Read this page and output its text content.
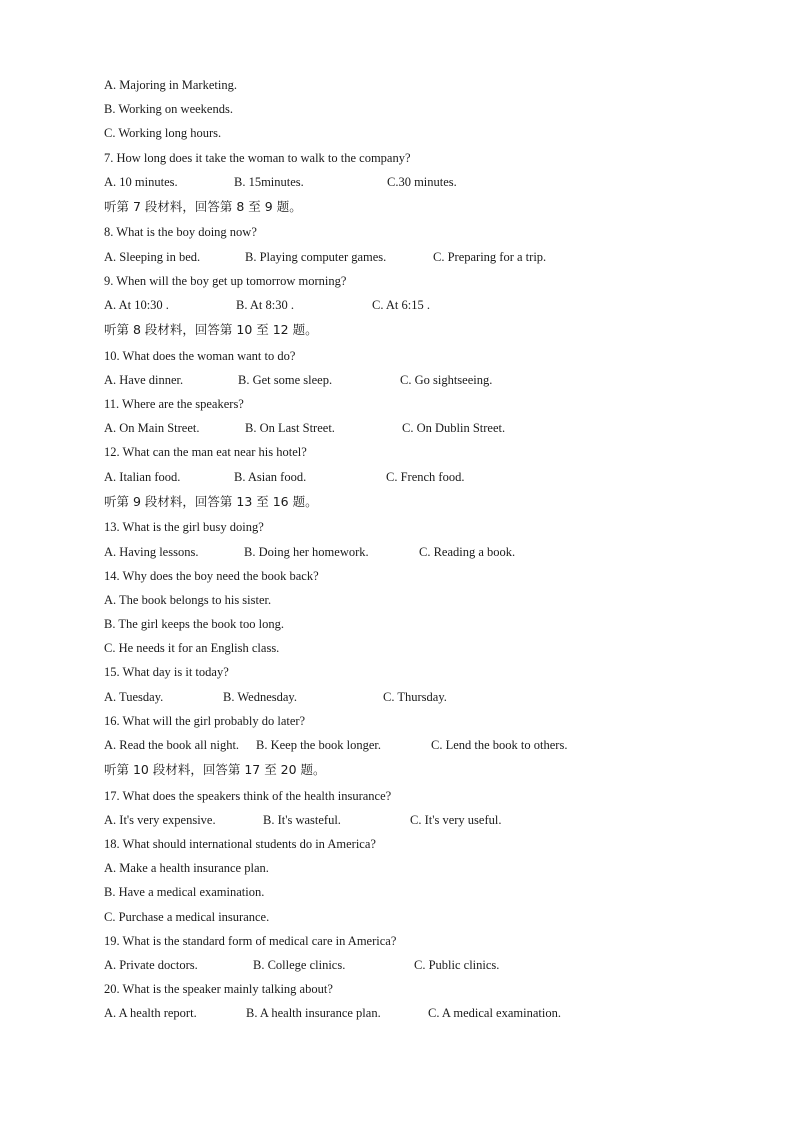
A. Majoring in Marketing.
B. Working on weekends.
C. Working long hours.
7. How long does it take the woman to walk to the company?
A. 10 minutes.	B. 15minutes.	C.30 minutes.
听第 7 段材料，回答第 8 至 9 题。
8. What is the boy doing now?
A. Sleeping in bed.	B. Playing computer games.	C. Preparing for a trip.
9. When will the boy get up tomorrow morning?
A. At 10:30 .	B. At 8:30 .	C. At 6:15 .
听第 8 段材料，回答第 10 至 12 题。
10. What does the woman want to do?
A. Have dinner.	B. Get some sleep.	C. Go sightseeing.
11. Where are the speakers?
A. On Main Street.	B. On Last Street.	C. On Dublin Street.
12. What can the man eat near his hotel?
A. Italian food.	B. Asian food.	C. French food.
听第 9 段材料，回答第 13 至 16 题。
13. What is the girl busy doing?
A. Having lessons.	B. Doing her homework.	C. Reading a book.
14. Why does the boy need the book back?
A. The book belongs to his sister.
B. The girl keeps the book too long.
C. He needs it for an English class.
15. What day is it today?
A. Tuesday.	B. Wednesday.	C. Thursday.
16. What will the girl probably do later?
A. Read the book all night. B. Keep the book longer.	C. Lend the book to others.
听第 10 段材料，回答第 17 至 20 题。
17. What does the speakers think of the health insurance?
A. It's very expensive.	B. It's wasteful.	C. It's very useful.
18. What should international students do in America?
A. Make a health insurance plan.
B. Have a medical examination.
C. Purchase a medical insurance.
19. What is the standard form of medical care in America?
A. Private doctors.	B. College clinics.	C. Public clinics.
20. What is the speaker mainly talking about?
A. A health report.	B. A health insurance plan.	C. A medical examination.
